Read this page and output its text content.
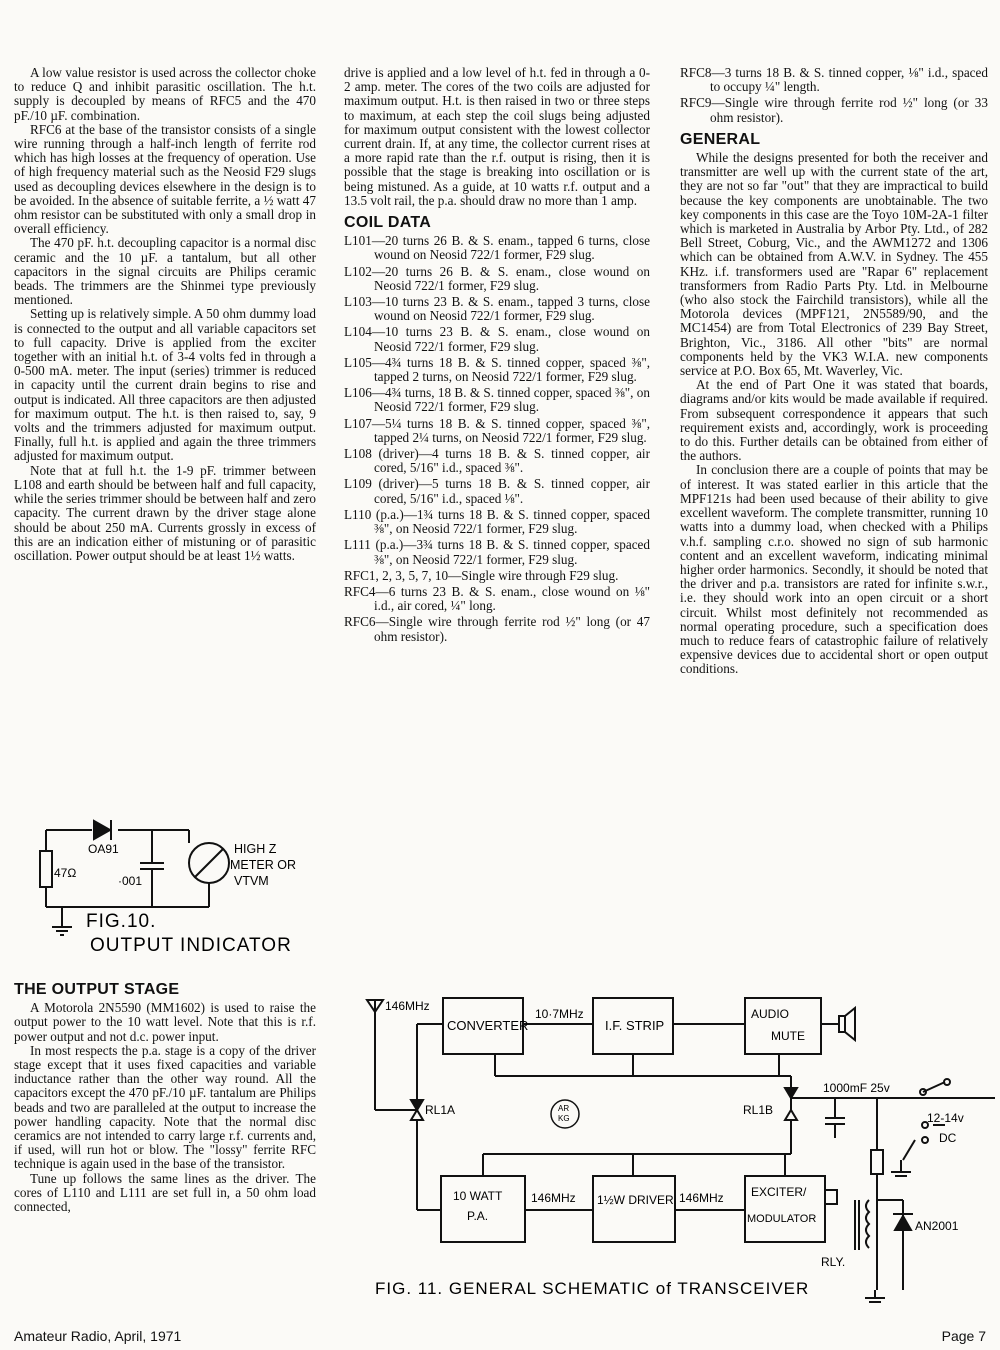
A low value resistor is used across the collector choke to reduce Q and inhibit parasitic oscillation. The h.t. supply is decoupled by means of RFC5 and the 470 pF./10 µF. combination.

RFC6 at the base of the transistor consists of a single wire running through a half-inch length of ferrite rod which has high losses at the frequency of operation. Use of high frequency material such as the Neosid F29 slugs used as decoupling devices elsewhere in the design is to be avoided. In the absence of suitable ferrite, a ½ watt 47 ohm resistor can be substituted with only a small drop in overall efficiency.

The 470 pF. h.t. decoupling capacitor is a normal disc ceramic and the 10 µF. a tantalum, but all other capacitors in the signal circuits are Philips ceramic beads. The trimmers are the Shinmei type previously mentioned.

Setting up is relatively simple. A 50 ohm dummy load is connected to the output and all variable capacitors set to full capacity. Drive is applied from the exciter together with an initial h.t. of 3-4 volts fed in through a 0-500 mA. meter. The input (series) trimmer is reduced in capacity until the current drain begins to rise and output is indicated. All three capacitors are then adjusted for maximum output. The h.t. is then raised to, say, 9 volts and the trimmers adjusted for maximum output. Finally, full h.t. is applied and again the three trimmers adjusted for maximum output.

Note that at full h.t. the 1-9 pF. trimmer between L108 and earth should be between half and full capacity, while the series trimmer should be between half and zero capacity. The current drawn by the driver stage alone should be about 250 mA. Currents grossly in excess of this are an indication either of mistuning or of parasitic oscillation. Power output should be at least 1½ watts.

OA91
47Ω
·001
HIGH Z
METER OR
VTVM
FIG.10.
OUTPUT INDICATOR
THE OUTPUT STAGE

A Motorola 2N5590 (MM1602) is used to raise the output power to the 10 watt level. Note that this is r.f. power output and not d.c. power input.

In most respects the p.a. stage is a copy of the driver stage except that it uses fixed capacities and variable inductance rather than the other way round. All the capacitors except the 470 pF./10 µF. tantalum are Philips beads and two are paralleled at the output to increase the power handling capacity. Note that the normal disc ceramics are not intended to carry large r.f. currents and, if used, will run hot or blow. The "lossy" ferrite RFC technique is again used in the base of the transistor.

Tune up follows the same lines as the driver. The cores of L110 and L111 are set full in, a 50 ohm load connected,

drive is applied and a low level of h.t. fed in through a 0-2 amp. meter. The cores of the two coils are adjusted for maximum output. H.t. is then raised in two or three steps to maximum, at each step the coil slugs being adjusted for maximum output consistent with the lowest collector current drain. If, at any time, the collector current rises at a more rapid rate than the r.f. output is rising, then it is possible that the stage is breaking into oscillation or is being mistuned. As a guide, at 10 watts r.f. output and a 13.5 volt rail, the p.a. should draw no more than 1 amp.

COIL DATA
L101—20 turns 26 B. & S. enam., tapped 6 turns, close wound on Neosid 722/1 former, F29 slug.
L102—20 turns 26 B. & S. enam., close wound on Neosid 722/1 former, F29 slug.
L103—10 turns 23 B. & S. enam., tapped 3 turns, close wound on Neosid 722/1 former, F29 slug.
L104—10 turns 23 B. & S. enam., close wound on Neosid 722/1 former, F29 slug.
L105—4¾ turns 18 B. & S. tinned copper, spaced ⅜", tapped 2 turns, on Neosid 722/1 former, F29 slug.
L106—4¾ turns, 18 B. & S. tinned copper, spaced ⅜", on Neosid 722/1 former, F29 slug.
L107—5¼ turns 18 B. & S. tinned copper, spaced ⅜", tapped 2¼ turns, on Neosid 722/1 former, F29 slug.
L108 (driver)—4 turns 18 B. & S. tinned copper, air cored, 5/16" i.d., spaced ⅜".
L109 (driver)—5 turns 18 B. & S. tinned copper, air cored, 5/16" i.d., spaced ⅛".
L110 (p.a.)—1¾ turns 18 B. & S. tinned copper, spaced ⅜", on Neosid 722/1 former, F29 slug.
L111 (p.a.)—3¾ turns 18 B. & S. tinned copper, spaced ⅜", on Neosid 722/1 former, F29 slug.
RFC1, 2, 3, 5, 7, 10—Single wire through F29 slug.
RFC4—6 turns 23 B. & S. enam., close wound on ⅛" i.d., air cored, ¼" long.
RFC6—Single wire through ferrite rod ½" long (or 47 ohm resistor).
RFC8—3 turns 18 B. & S. tinned copper, ⅛" i.d., spaced to occupy ¼" length.
RFC9—Single wire through ferrite rod ½" long (or 33 ohm resistor).
GENERAL

While the designs presented for both the receiver and transmitter are well up with the current state of the art, they are not so far "out" that they are impractical to build because the key components are unobtainable. The two key components in this case are the Toyo 10M-2A-1 filter which is marketed in Australia by Arbor Pty. Ltd., of 282 Bell Street, Coburg, Vic., and the AWM1272 and 1306 which can be obtained from A.W.V. in Sydney. The 455 KHz. i.f. transformers used are "Rapar 6" replacement transformers from Radio Parts Pty. Ltd. in Melbourne (who also stock the Fairchild transistors), while all the Motorola devices (MPF121, 2N5589/90, and the MC1454) are from Total Electronics of 239 Bay Street, Brighton, Vic., 3186. All other "bits" are normal components held by the VK3 W.I.A. new components service at P.O. Box 65, Mt. Waverley, Vic.

At the end of Part One it was stated that boards, diagrams and/or kits would be made available if required. From subsequent correspondence it appears that such requirement exists and, accordingly, work is proceeding to do this. Further details can be obtained from either of the authors.

In conclusion there are a couple of points that may be of interest. It was stated earlier in this article that the MPF121s had been used because of their ability to give excellent waveform. The complete transmitter, running 10 watts into a dummy load, when checked with a Philips v.h.f. sampling c.r.o. showed no sign of sub harmonic content and an excellent waveform, indicating minimal higher order harmonics. Secondly, it should be noted that the driver and p.a. transistors are rated for infinite s.w.r., i.e. they should work into an open circuit or a short circuit. Whilst most definitely not recommended as normal operating procedure, such a specification does much to reduce fears of catastrophic failure of relatively expensive devices due to accidental short or open output conditions.

AR
KG
146MHz
CONVERTER
10·7MHz
I.F. STRIP
AUDIO
MUTE
RL1A	RL1B
1000mF 25v
12-14v
DC
10 WATT
P.A.
146MHz 1½W DRIVER 146MHz EXCITER/
MODULATOR
RLY.
AN2001
FIG. 11. GENERAL SCHEMATIC of TRANSCEIVER
Amateur Radio, April, 1971	Page 7
